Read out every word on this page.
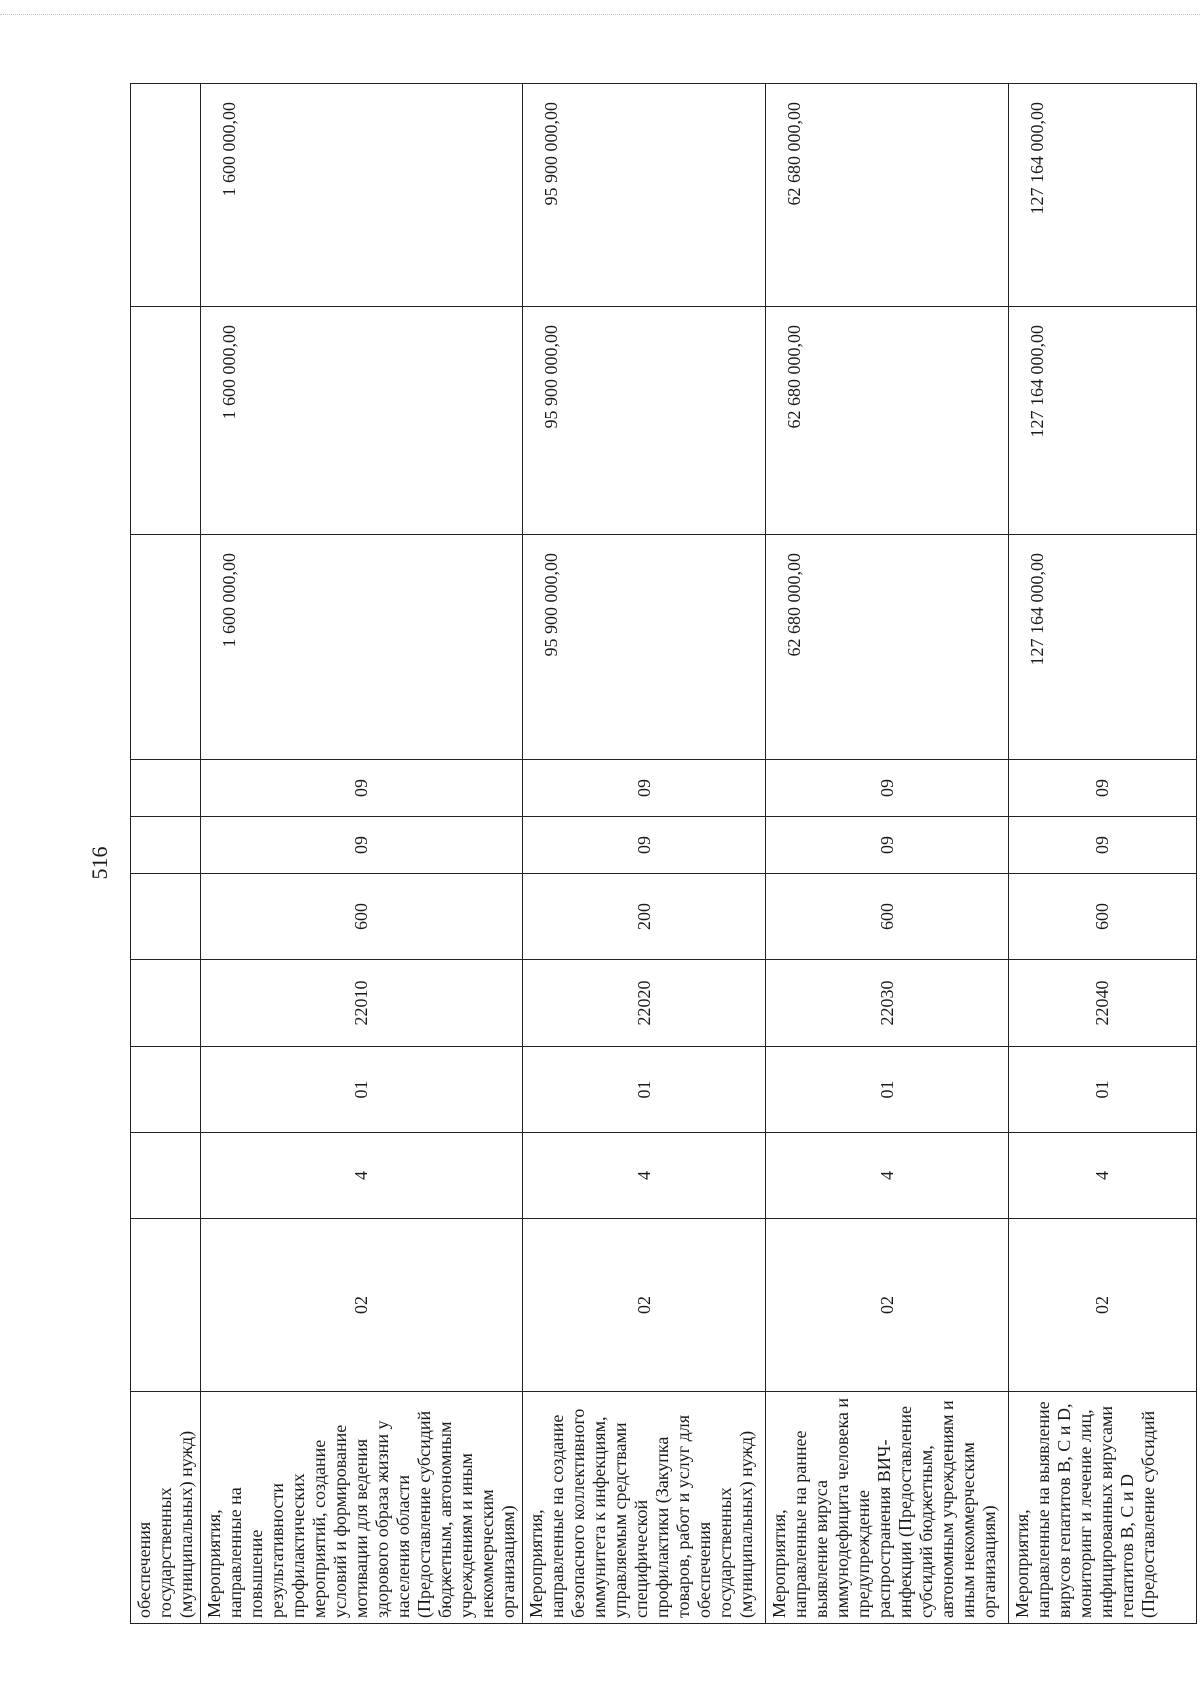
516
обеспечения государственных (муниципальных) нужд)										
Мероприятия, направленные на повышение результативности профилактических мероприятий, создание условий и формирование мотивации для ведения здорового образа жизни у населения области (Предоставление субсидий бюджетным, автономным учреждениям и иным некоммерческим организациям)	02	4	01	22010	600	09	09	1 600 000,00	1 600 000,00	1 600 000,00
Мероприятия, направленные на создание безопасного коллективного иммунитета к инфекциям, управляемым средствами специфической профилактики (Закупка товаров, работ и услуг для обеспечения государственных (муниципальных) нужд)	02	4	01	22020	200	09	09	95 900 000,00	95 900 000,00	95 900 000,00
Мероприятия, направленные на раннее выявление вируса иммунодефицита человека и предупреждение распространения ВИЧ-инфекции (Предоставление субсидий бюджетным, автономным учреждениям и иным некоммерческим организациям)	02	4	01	22030	600	09	09	62 680 000,00	62 680 000,00	62 680 000,00
Мероприятия, направленные на выявление вирусов гепатитов B, C и D, мониторинг и лечение лиц, инфицированных вирусами гепатитов B, C и D (Предоставление субсидий	02	4	01	22040	600	09	09	127 164 000,00	127 164 000,00	127 164 000,00
